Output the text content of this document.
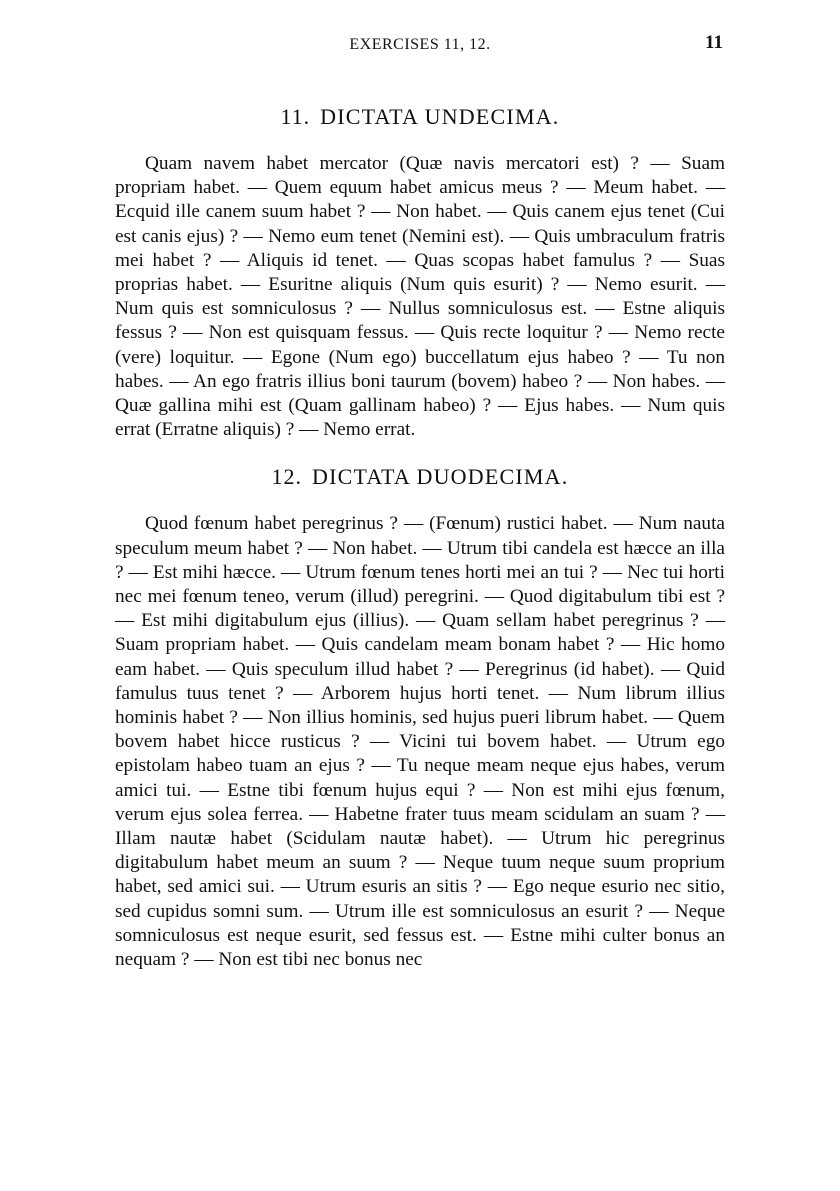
EXERCISES 11, 12.	11
11. DICTATA UNDECIMA.

Quam navem habet mercator (Quæ navis mercatori est) ? — Suam propriam habet. — Quem equum habet amicus meus ? — Meum habet. — Ecquid ille canem suum habet ? — Non habet. — Quis canem ejus tenet (Cui est canis ejus) ? — Nemo eum tenet (Nemini est). — Quis umbraculum fratris mei habet ? — Aliquis id tenet. — Quas scopas habet famulus ? — Suas proprias habet. — Esuritne aliquis (Num quis esurit) ? — Nemo esurit. — Num quis est somniculosus ? — Nullus somniculosus est. — Estne aliquis fessus ? — Non est quisquam fessus. — Quis recte loquitur ? — Nemo recte (vere) loquitur. — Egone (Num ego) buccellatum ejus habeo ? — Tu non habes. — An ego fratris illius boni taurum (bovem) habeo ? — Non habes. — Quæ gallina mihi est (Quam gallinam habeo) ? — Ejus habes. — Num quis errat (Erratne aliquis) ? — Nemo errat.

12. DICTATA DUODECIMA.

Quod fœnum habet peregrinus ? — (Fœnum) rustici habet. — Num nauta speculum meum habet ? — Non habet. — Utrum tibi candela est hæcce an illa ? — Est mihi hæcce. — Utrum fœnum tenes horti mei an tui ? — Nec tui horti nec mei fœnum teneo, verum (illud) peregrini. — Quod digitabulum tibi est ? — Est mihi digitabulum ejus (illius). — Quam sellam habet peregrinus ? — Suam propriam habet. — Quis candelam meam bonam habet ? — Hic homo eam habet. — Quis speculum illud habet ? — Peregrinus (id habet). — Quid famulus tuus tenet ? — Arborem hujus horti tenet. — Num librum illius hominis habet ? — Non illius hominis, sed hujus pueri librum habet. — Quem bovem habet hicce rusticus ? — Vicini tui bovem habet. — Utrum ego epistolam habeo tuam an ejus ? — Tu neque meam neque ejus habes, verum amici tui. — Estne tibi fœnum hujus equi ? — Non est mihi ejus fœnum, verum ejus solea ferrea. — Habetne frater tuus meam scidulam an suam ? — Illam nautæ habet (Scidulam nautæ habet). — Utrum hic peregrinus digitabulum habet meum an suum ? — Neque tuum neque suum proprium habet, sed amici sui. — Utrum esuris an sitis ? — Ego neque esurio nec sitio, sed cupidus somni sum. — Utrum ille est somniculosus an esurit ? — Neque somniculosus est neque esurit, sed fessus est. — Estne mihi culter bonus an nequam ? — Non est tibi nec bonus nec
